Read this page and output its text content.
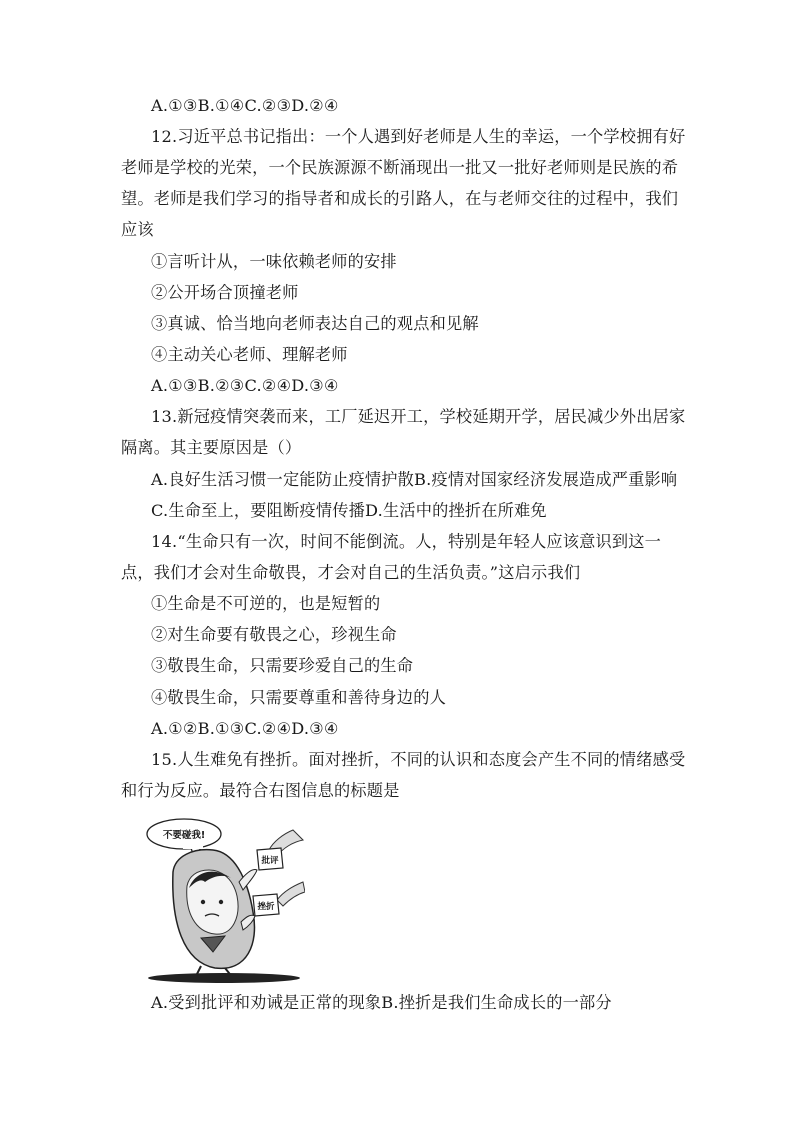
A.①③B.①④C.②③D.②④
12.习近平总书记指出：一个人遇到好老师是人生的幸运，一个学校拥有好
老师是学校的光荣，一个民族源源不断涌现出一批又一批好老师则是民族的希
望。老师是我们学习的指导者和成长的引路人，在与老师交往的过程中，我们
应该
①言听计从，一味依赖老师的安排
②公开场合顶撞老师
③真诚、恰当地向老师表达自己的观点和见解
④主动关心老师、理解老师
A.①③B.②③C.②④D.③④
13.新冠疫情突袭而来，工厂延迟开工，学校延期开学，居民减少外出居家
隔离。其主要原因是（）
A.良好生活习惯一定能防止疫情护散B.疫情对国家经济发展造成严重影响
C.生命至上，要阻断疫情传播D.生活中的挫折在所难免
14.“生命只有一次，时间不能倒流。人，特别是年轻人应该意识到这一
点，我们才会对生命敬畏，才会对自己的生活负责。”这启示我们
①生命是不可逆的，也是短暂的
②对生命要有敬畏之心，珍视生命
③敬畏生命，只需要珍爱自己的生命
④敬畏生命，只需要尊重和善待身边的人
A.①②B.①③C.②④D.③④
15.人生难免有挫折。面对挫折，不同的认识和态度会产生不同的情绪感受
和行为反应。最符合右图信息的标题是
不要碰我!
批评
挫折
A.受到批评和劝诫是正常的现象B.挫折是我们生命成长的一部分
